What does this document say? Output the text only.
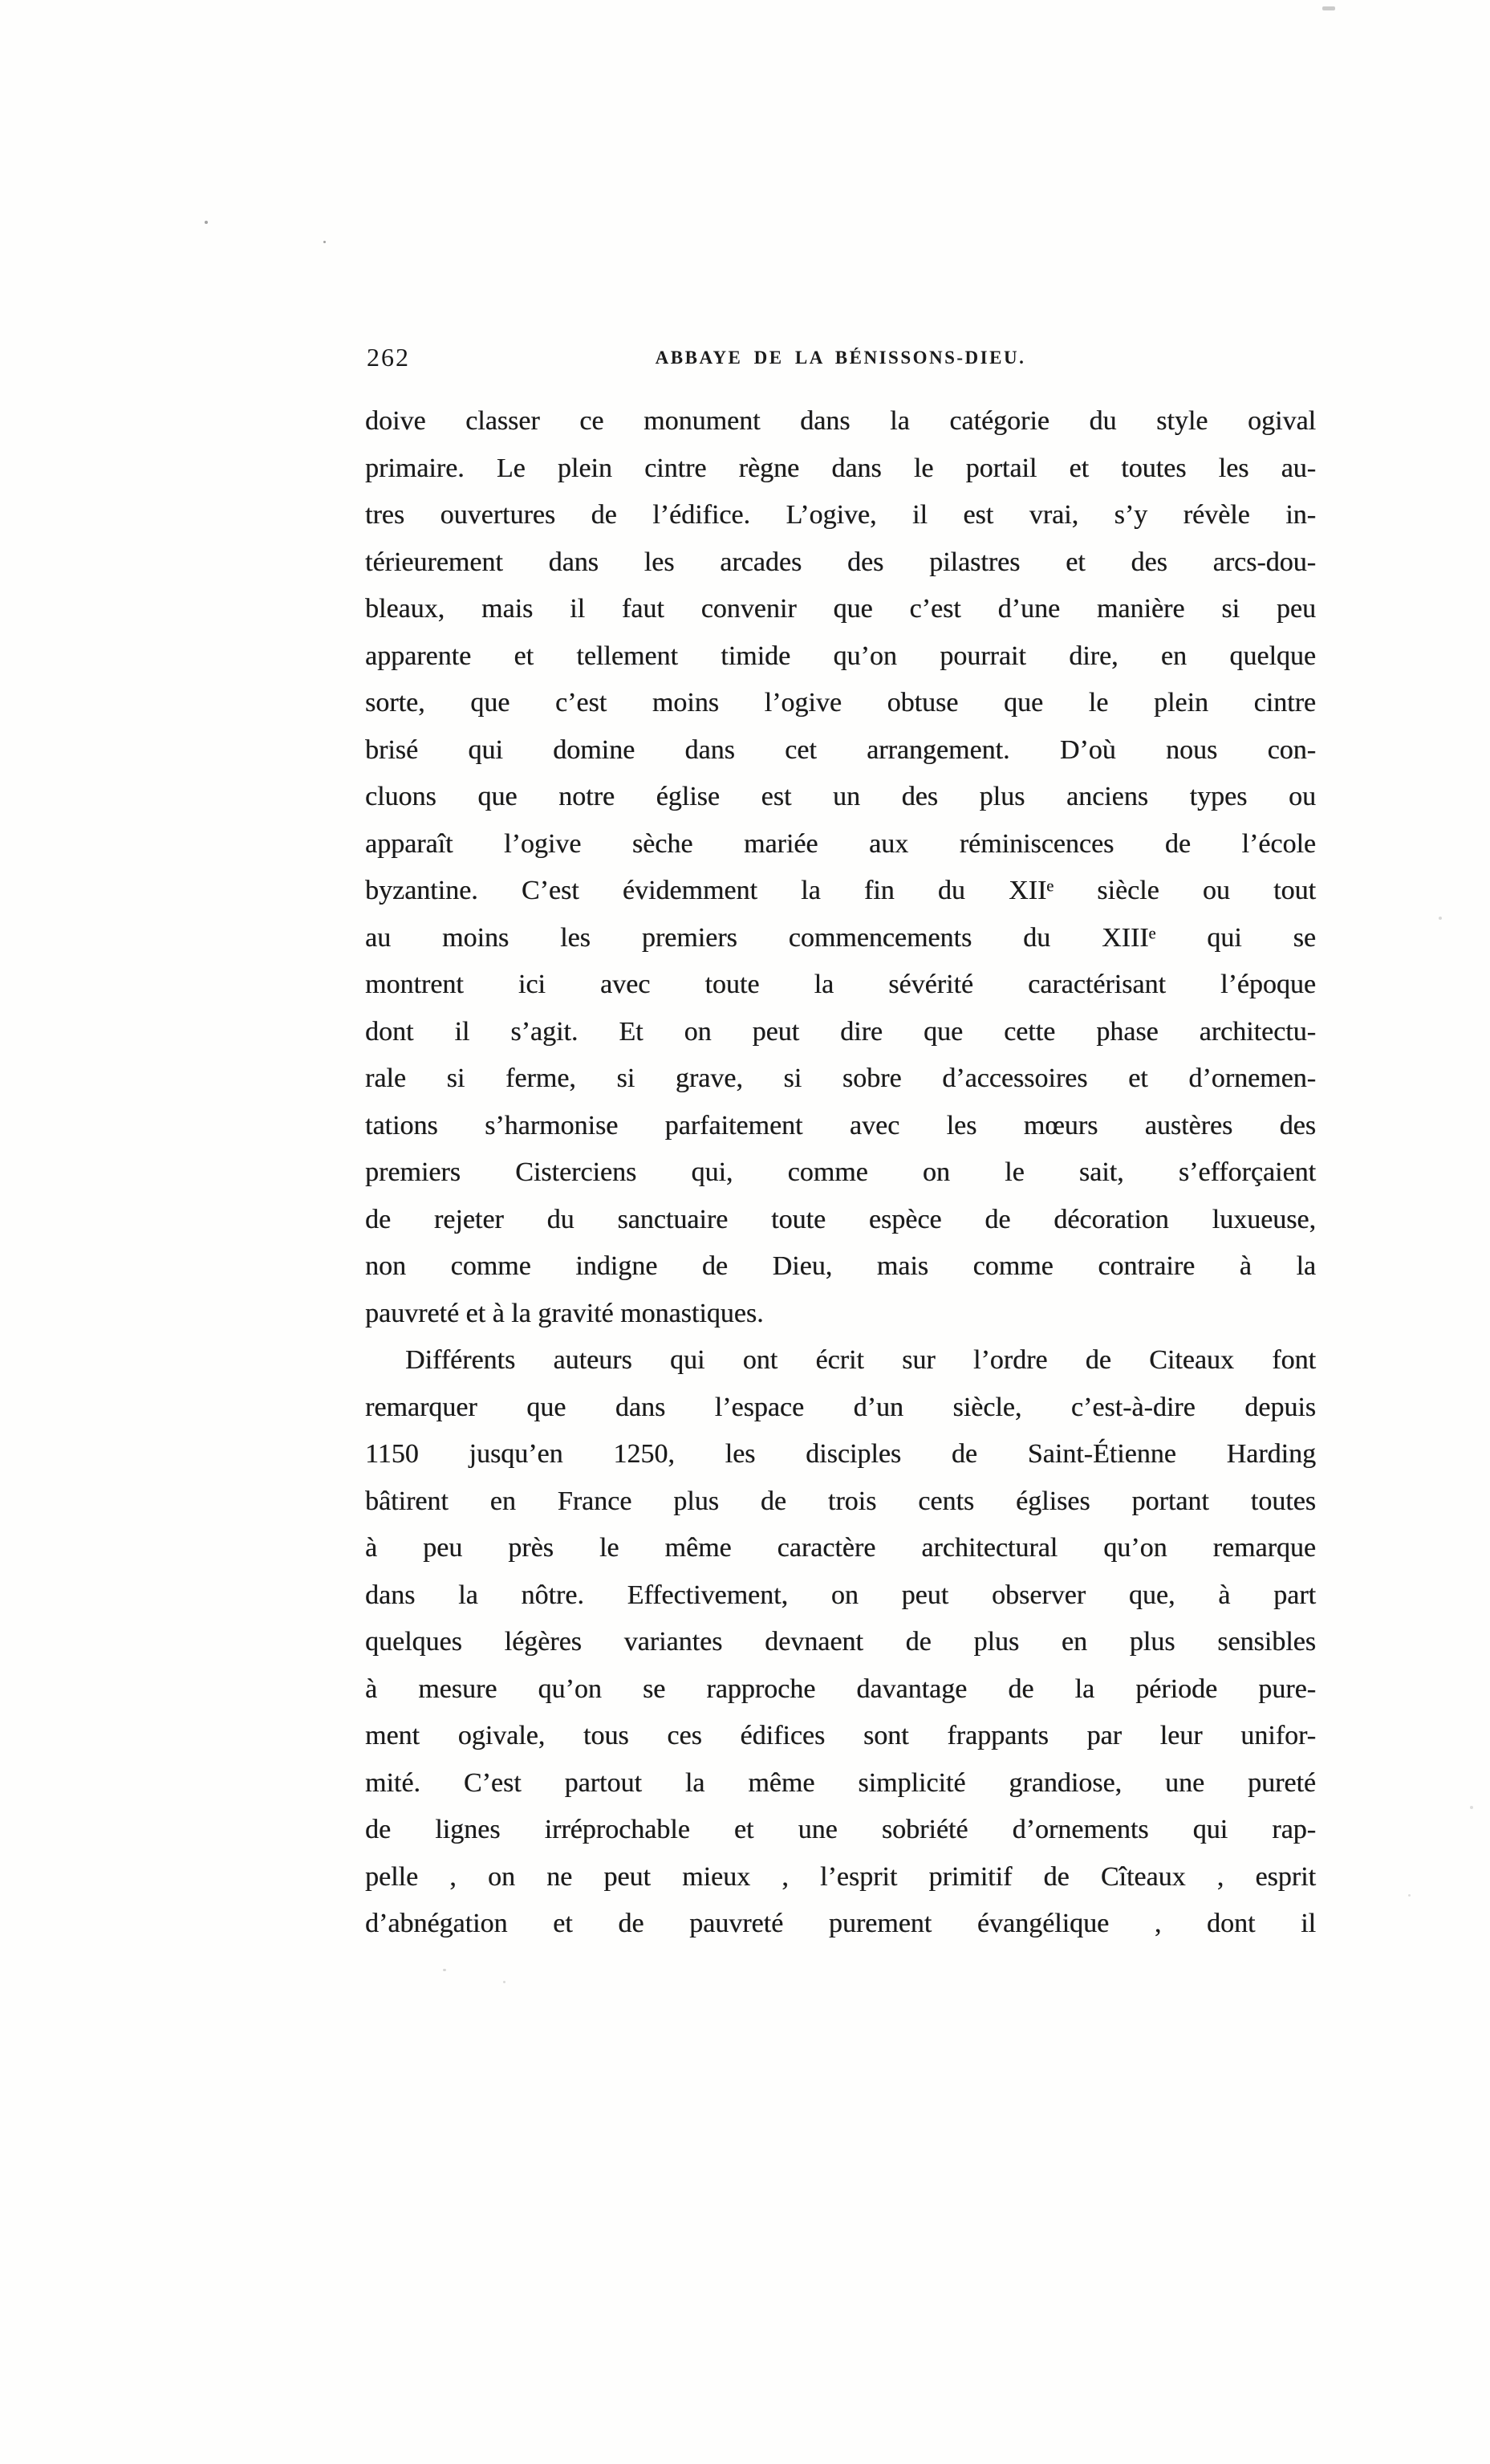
262	ABBAYE DE LA BÉNISSONS-DIEU.
doive classer ce monument dans la catégorie du style ogival
primaire. Le plein cintre règne dans le portail et toutes les au-
tres ouvertures de l’édifice. L’ogive, il est vrai, s’y révèle in-
térieurement dans les arcades des pilastres et des arcs-dou-
bleaux, mais il faut convenir que c’est d’une manière si peu
apparente et tellement timide qu’on pourrait dire, en quelque
sorte, que c’est moins l’ogive obtuse que le plein cintre
brisé qui domine dans cet arrangement. D’où nous con-
cluons que notre église est un des plus anciens types ou
apparaît l’ogive sèche mariée aux réminiscences de l’école
byzantine. C’est évidemment la fin du XIIᵉ siècle ou tout
au moins les premiers commencements du XIIIᵉ qui se
montrent ici avec toute la sévérité caractérisant l’époque
dont il s’agit. Et on peut dire que cette phase architectu-
rale si ferme, si grave, si sobre d’accessoires et d’ornemen-
tations s’harmonise parfaitement avec les mœurs austères des
premiers Cisterciens qui, comme on le sait, s’efforçaient
de rejeter du sanctuaire toute espèce de décoration luxueuse,
non comme indigne de Dieu, mais comme contraire à la
pauvreté et à la gravité monastiques.
Différents auteurs qui ont écrit sur l’ordre de Citeaux font
remarquer que dans l’espace d’un siècle, c’est-à-dire depuis
1150 jusqu’en 1250, les disciples de Saint-Étienne Harding
bâtirent en France plus de trois cents églises portant toutes
à peu près le même caractère architectural qu’on remarque
dans la nôtre. Effectivement, on peut observer que, à part
quelques légères variantes devnaent de plus en plus sensibles
à mesure qu’on se rapproche davantage de la période pure-
ment ogivale, tous ces édifices sont frappants par leur unifor-
mité. C’est partout la même simplicité grandiose, une pureté
de lignes irréprochable et une sobriété d’ornements qui rap-
pelle , on ne peut mieux , l’esprit primitif de Cîteaux , esprit
d’abnégation et de pauvreté purement évangélique , dont il
